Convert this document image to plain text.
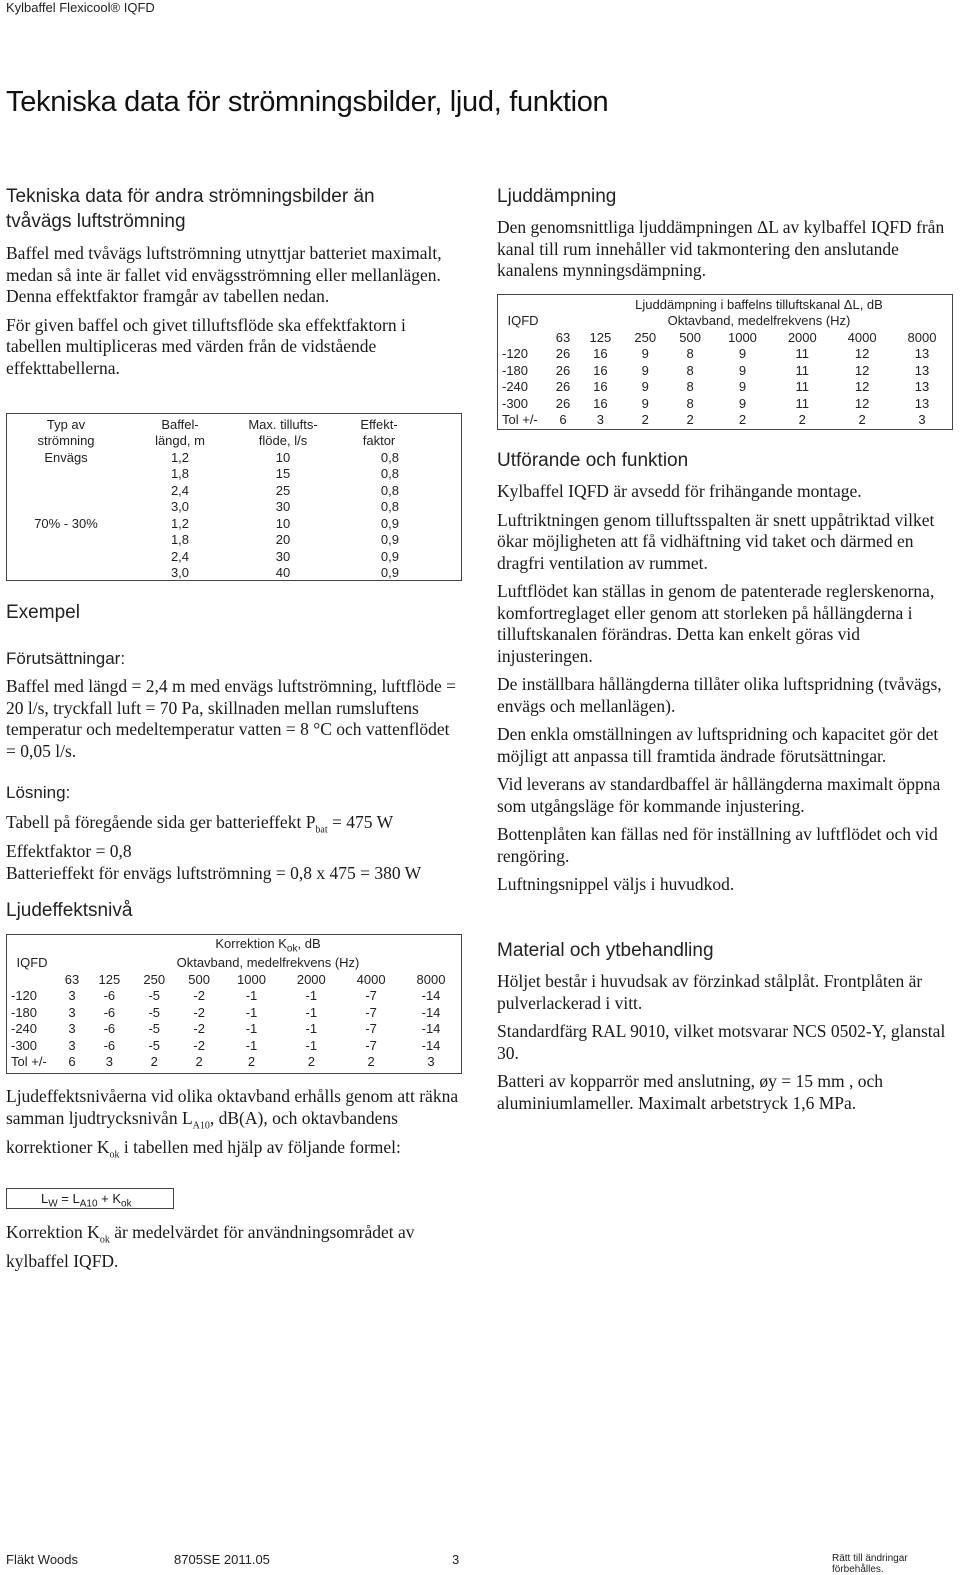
Kylbaffel Flexicool® IQFD
Tekniska data för strömningsbilder, ljud, funktion
Tekniska data för andra strömningsbilder än
tvåvägs luftströmning

Baffel med tvåvägs luftströmning utnyttjar batteriet maximalt, medan så inte är fallet vid envägsströmning eller mellanlägen. Denna effektfaktor framgår av tabellen nedan.

För given baffel och givet tilluftsflöde ska effektfaktorn i tabellen multipliceras med värden från de vidstående effekttabellerna.

Typ av	Baffel-	Max. tillufts-	Effekt-
strömning	längd, m	flöde, l/s	faktor
Envägs	1,2	10	0,8
	1,8	15	0,8
	2,4	25	0,8
	3,0	30	0,8
70% - 30%	1,2	10	0,9
	1,8	20	0,9
	2,4	30	0,9
	3,0	40	0,9
Exempel
Förutsättningar:
Baffel med längd = 2,4 m med envägs luftströmning, luftflöde = 20 l/s, tryckfall luft = 70 Pa, skillnaden mellan rumsluftens temperatur och medeltemperatur vatten = 8 °C och vattenflödet = 0,05 l/s.
Lösning:
Tabell på föregående sida ger batterieffekt $P_{bat} = 475$ W
Effektfaktor = 0,8
Batterieffekt för envägs luftströmning = 0,8 x 475 = 380 W
Ljudeffektsnivå
	Korrektion $K_{ok}$, dB							
IQFD	Oktavband, medelfrekvens (Hz)							
	63	125	250	500	1000	2000	4000	8000
-120	3	-6	-5	-2	-1	-1	-7	-14
-180	3	-6	-5	-2	-1	-1	-7	-14
-240	3	-6	-5	-2	-1	-1	-7	-14
-300	3	-6	-5	-2	-1	-1	-7	-14
Tol +/-	6	3	2	2	2	2	2	3
Ljudeffektsnivåerna vid olika oktavband erhålls genom att räkna samman ljudtrycksnivån $L_{A10}$, dB(A), och oktavbandens korrektioner $K_{ok}$ i tabellen med hjälp av följande formel:
$L_W = L_{A10} + K_{ok}$
Korrektion $K_{ok}$ är medelvärdet för användningsområdet av kylbaffel IQFD.
Ljuddämpning
Den genomsnittliga ljuddämpningen ΔL av kylbaffel IQFD från kanal till rum innehåller vid takmontering den anslutande kanalens mynningsdämpning.
	Ljuddämpning i baffelns tilluftskanal ΔL, dB							
IQFD	Oktavband, medelfrekvens (Hz)							
	63	125	250	500	1000	2000	4000	8000
-120	26	16	9	8	9	11	12	13
-180	26	16	9	8	9	11	12	13
-240	26	16	9	8	9	11	12	13
-300	26	16	9	8	9	11	12	13
Tol +/-	6	3	2	2	2	2	2	3
Utförande och funktion

Kylbaffel IQFD är avsedd för frihängande montage.

Luftriktningen genom tilluftsspalten är snett uppåtriktad vilket ökar möjligheten att få vidhäftning vid taket och därmed en dragfri ventilation av rummet.

Luftflödet kan ställas in genom de patenterade reglerskenorna, komfortreglaget eller genom att storleken på hållängderna i tilluftskanalen förändras. Detta kan enkelt göras vid injusteringen.

De inställbara hållängderna tillåter olika luftspridning (tvåvägs, envägs och mellanlägen).

Den enkla omställningen av luftspridning och kapacitet gör det möjligt att anpassa till framtida ändrade förutsättningar.

Vid leverans av standardbaffel är hållängderna maximalt öppna som utgångsläge för kommande injustering.

Bottenplåten kan fällas ned för inställning av luftflödet och vid rengöring.

Luftningsnippel väljs i huvudkod.

Material och ytbehandling

Höljet består i huvudsak av förzinkad stålplåt. Frontplåten är pulverlackerad i vitt.

Standardfärg RAL 9010, vilket motsvarar NCS 0502-Y, glanstal 30.

Batteri av kopparrör med anslutning, øy = 15 mm , och aluminiumlameller. Maximalt arbetstryck 1,6 MPa.

Fläkt Woods	8705SE 2011.05	3	Rätt till ändringar förbehålles.
